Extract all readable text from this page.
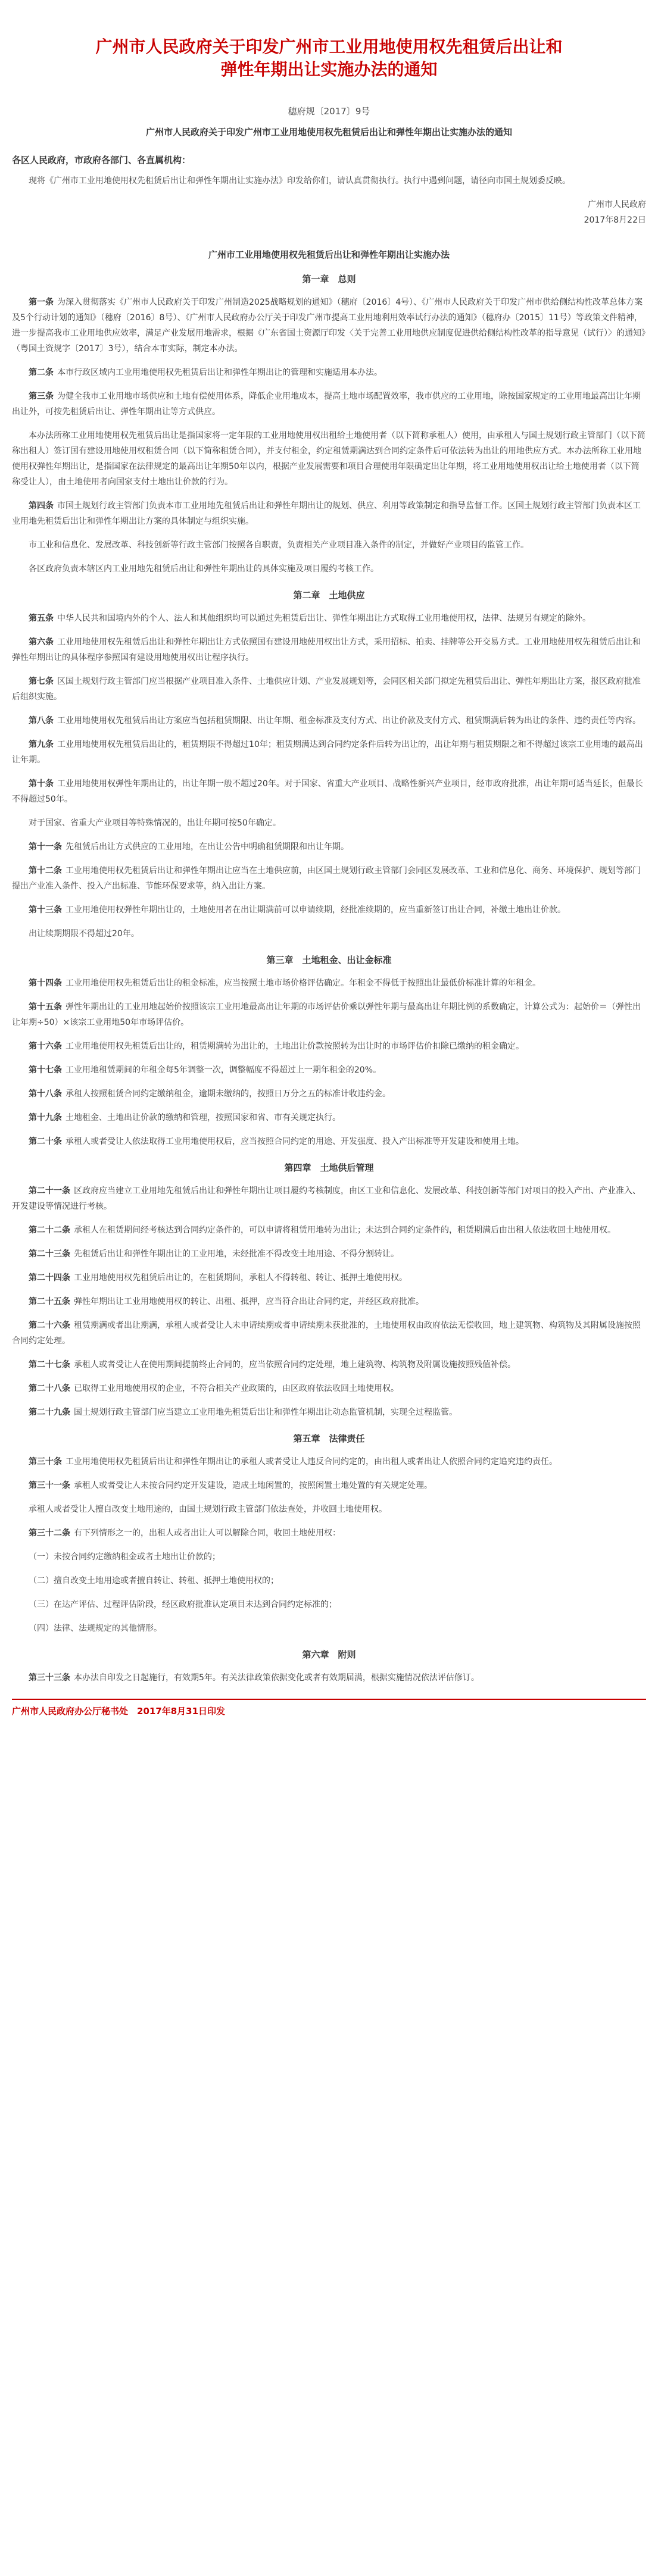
广州市人民政府关于印发广州市工业用地使用权先租赁后出让和弹性年期出让实施办法的通知
穗府规〔2017〕9号
广州市人民政府关于印发广州市工业用地使用权先租赁后出让和弹性年期出让实施办法的通知
各区人民政府，市政府各部门、各直属机构：

现将《广州市工业用地使用权先租赁后出让和弹性年期出让实施办法》印发给你们，请认真贯彻执行。执行中遇到问题，请径向市国土规划委反映。

广州市人民政府

2017年8月22日

广州市工业用地使用权先租赁后出让和弹性年期出让实施办法
第一章　总则

第一条 为深入贯彻落实《广州市人民政府关于印发广州制造2025战略规划的通知》（穗府〔2016〕4号）、《广州市人民政府关于印发广州市供给侧结构性改革总体方案及5个行动计划的通知》（穗府〔2016〕8号）、《广州市人民政府办公厅关于印发广州市提高工业用地利用效率试行办法的通知》（穗府办〔2015〕11号）等政策文件精神，进一步提高我市工业用地供应效率，满足产业发展用地需求，根据《广东省国土资源厅印发〈关于完善工业用地供应制度促进供给侧结构性改革的指导意见（试行）〉的通知》（粤国土资规字〔2017〕3号），结合本市实际，制定本办法。

第二条 本市行政区域内工业用地使用权先租赁后出让和弹性年期出让的管理和实施适用本办法。

第三条 为健全我市工业用地市场供应和土地有偿使用体系，降低企业用地成本，提高土地市场配置效率，我市供应的工业用地，除按国家规定的工业用地最高出让年期出让外，可按先租赁后出让、弹性年期出让等方式供应。

本办法所称工业用地使用权先租赁后出让是指国家将一定年限的工业用地使用权出租给土地使用者（以下简称承租人）使用，由承租人与国土规划行政主管部门（以下简称出租人）签订国有建设用地使用权租赁合同（以下简称租赁合同），并支付租金，约定租赁期满达到合同约定条件后可依法转为出让的用地供应方式。本办法所称工业用地使用权弹性年期出让，是指国家在法律规定的最高出让年期50年以内，根据产业发展需要和项目合理使用年限确定出让年期，将工业用地使用权出让给土地使用者（以下简称受让人），由土地使用者向国家支付土地出让价款的行为。

第四条 市国土规划行政主管部门负责本市工业用地先租赁后出让和弹性年期出让的规划、供应、利用等政策制定和指导监督工作。区国土规划行政主管部门负责本区工业用地先租赁后出让和弹性年期出让方案的具体制定与组织实施。

市工业和信息化、发展改革、科技创新等行政主管部门按照各自职责，负责相关产业项目准入条件的制定，并做好产业项目的监管工作。

各区政府负责本辖区内工业用地先租赁后出让和弹性年期出让的具体实施及项目履约考核工作。

第二章　土地供应

第五条 中华人民共和国境内外的个人、法人和其他组织均可以通过先租赁后出让、弹性年期出让方式取得工业用地使用权，法律、法规另有规定的除外。

第六条 工业用地使用权先租赁后出让和弹性年期出让方式依照国有建设用地使用权出让方式，采用招标、拍卖、挂牌等公开交易方式。工业用地使用权先租赁后出让和弹性年期出让的具体程序参照国有建设用地使用权出让程序执行。

第七条 区国土规划行政主管部门应当根据产业项目准入条件、土地供应计划、产业发展规划等，会同区相关部门拟定先租赁后出让、弹性年期出让方案，报区政府批准后组织实施。

第八条 工业用地使用权先租赁后出让方案应当包括租赁期限、出让年期、租金标准及支付方式、出让价款及支付方式、租赁期满后转为出让的条件、违约责任等内容。

第九条 工业用地使用权先租赁后出让的，租赁期限不得超过10年；租赁期满达到合同约定条件后转为出让的，出让年期与租赁期限之和不得超过该宗工业用地的最高出让年期。

第十条 工业用地使用权弹性年期出让的，出让年期一般不超过20年。对于国家、省重大产业项目、战略性新兴产业项目，经市政府批准，出让年期可适当延长，但最长不得超过50年。

对于国家、省重大产业项目等特殊情况的，出让年期可按50年确定。

第十一条 先租赁后出让方式供应的工业用地，在出让公告中明确租赁期限和出让年期。

第十二条 工业用地使用权先租赁后出让和弹性年期出让应当在土地供应前，由区国土规划行政主管部门会同区发展改革、工业和信息化、商务、环境保护、规划等部门提出产业准入条件、投入产出标准、节能环保要求等，纳入出让方案。

第十三条 工业用地使用权弹性年期出让的，土地使用者在出让期满前可以申请续期，经批准续期的，应当重新签订出让合同，补缴土地出让价款。

出让续期期限不得超过20年。

第三章　土地租金、出让金标准

第十四条 工业用地使用权先租赁后出让的租金标准，应当按照土地市场价格评估确定。年租金不得低于按照出让最低价标准计算的年租金。

第十五条 弹性年期出让的工业用地起始价按照该宗工业用地最高出让年期的市场评估价乘以弹性年期与最高出让年期比例的系数确定，计算公式为：起始价＝（弹性出让年期÷50）×该宗工业用地50年市场评估价。

第十六条 工业用地使用权先租赁后出让的，租赁期满转为出让的，土地出让价款按照转为出让时的市场评估价扣除已缴纳的租金确定。

第十七条 工业用地租赁期间的年租金每5年调整一次，调整幅度不得超过上一期年租金的20%。

第十八条 承租人按照租赁合同约定缴纳租金，逾期未缴纳的，按照日万分之五的标准计收违约金。

第十九条 土地租金、土地出让价款的缴纳和管理，按照国家和省、市有关规定执行。

第二十条 承租人或者受让人依法取得工业用地使用权后，应当按照合同约定的用途、开发强度、投入产出标准等开发建设和使用土地。

第四章　土地供后管理

第二十一条 区政府应当建立工业用地先租赁后出让和弹性年期出让项目履约考核制度，由区工业和信息化、发展改革、科技创新等部门对项目的投入产出、产业准入、开发建设等情况进行考核。

第二十二条 承租人在租赁期间经考核达到合同约定条件的，可以申请将租赁用地转为出让；未达到合同约定条件的，租赁期满后由出租人依法收回土地使用权。

第二十三条 先租赁后出让和弹性年期出让的工业用地，未经批准不得改变土地用途、不得分割转让。

第二十四条 工业用地使用权先租赁后出让的，在租赁期间，承租人不得转租、转让、抵押土地使用权。

第二十五条 弹性年期出让工业用地使用权的转让、出租、抵押，应当符合出让合同约定，并经区政府批准。

第二十六条 租赁期满或者出让期满，承租人或者受让人未申请续期或者申请续期未获批准的，土地使用权由政府依法无偿收回，地上建筑物、构筑物及其附属设施按照合同约定处理。

第二十七条 承租人或者受让人在使用期间提前终止合同的，应当依照合同约定处理，地上建筑物、构筑物及附属设施按照残值补偿。

第二十八条 已取得工业用地使用权的企业，不符合相关产业政策的，由区政府依法收回土地使用权。

第二十九条 国土规划行政主管部门应当建立工业用地先租赁后出让和弹性年期出让动态监管机制，实现全过程监管。

第五章　法律责任

第三十条 工业用地使用权先租赁后出让和弹性年期出让的承租人或者受让人违反合同约定的，由出租人或者出让人依照合同约定追究违约责任。

第三十一条 承租人或者受让人未按合同约定开发建设，造成土地闲置的，按照闲置土地处置的有关规定处理。

承租人或者受让人擅自改变土地用途的，由国土规划行政主管部门依法查处，并收回土地使用权。

第三十二条 有下列情形之一的，出租人或者出让人可以解除合同，收回土地使用权：

（一）未按合同约定缴纳租金或者土地出让价款的；

（二）擅自改变土地用途或者擅自转让、转租、抵押土地使用权的；

（三）在达产评估、过程评估阶段，经区政府批准认定项目未达到合同约定标准的；

（四）法律、法规规定的其他情形。

第六章　附则

第三十三条 本办法自印发之日起施行，有效期5年。有关法律政策依据变化或者有效期届满，根据实施情况依法评估修订。

广州市人民政府办公厅秘书处　2017年8月31日印发
